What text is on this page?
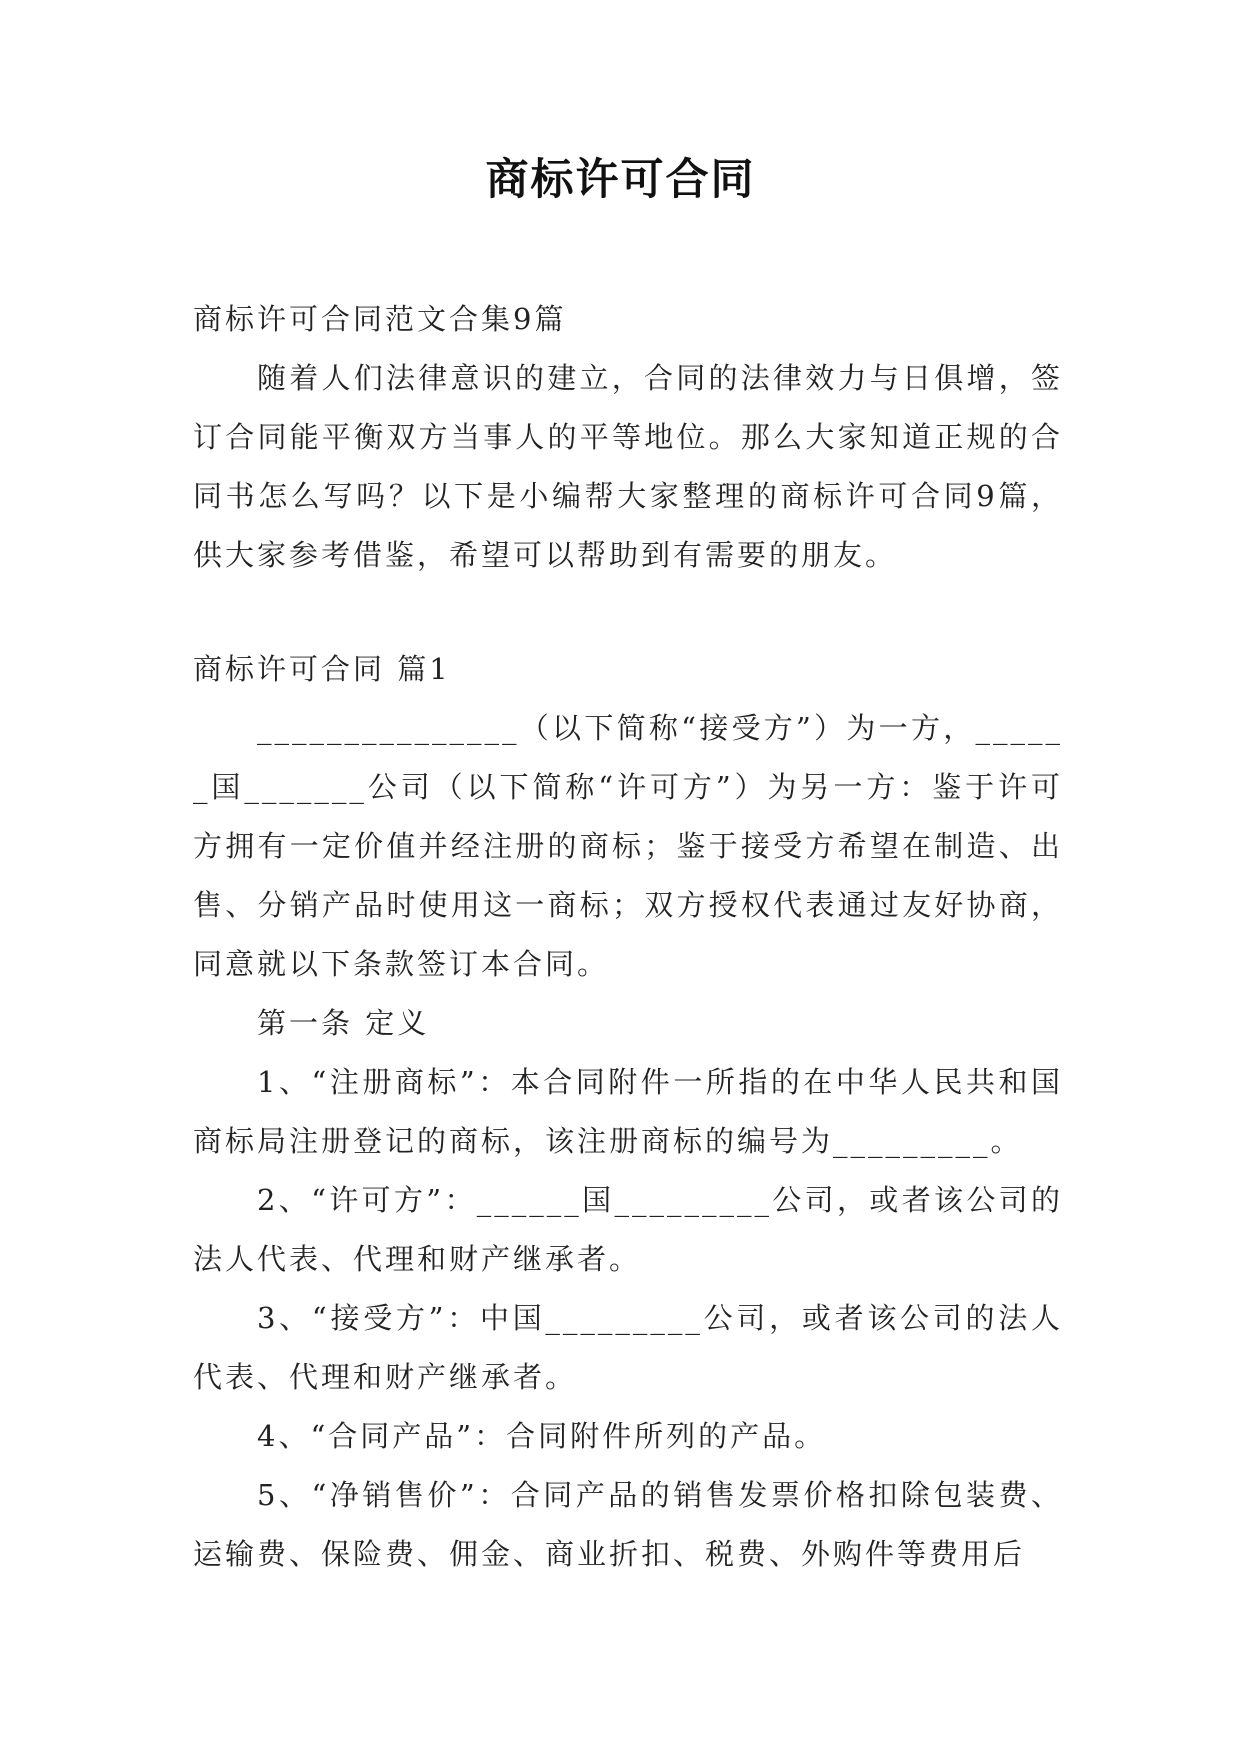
商标许可合同

商标许可合同范文合集9篇

随着人们法律意识的建立，合同的法律效力与日俱增，签订合同能平衡双方当事人的平等地位。那么大家知道正规的合同书怎么写吗？以下是小编帮大家整理的商标许可合同9篇，供大家参考借鉴，希望可以帮助到有需要的朋友。

商标许可合同 篇1

_______________（以下简称“接受方”）为一方，______国_______公司（以下简称“许可方”）为另一方：鉴于许可方拥有一定价值并经注册的商标；鉴于接受方希望在制造、出售、分销产品时使用这一商标；双方授权代表通过友好协商，同意就以下条款签订本合同。

第一条 定义

1、“注册商标”：本合同附件一所指的在中华人民共和国商标局注册登记的商标，该注册商标的编号为_________。

2、“许可方”：______国_________公司，或者该公司的法人代表、代理和财产继承者。

3、“接受方”：中国_________公司，或者该公司的法人代表、代理和财产继承者。

4、“合同产品”：合同附件所列的产品。

5、“净销售价”：合同产品的销售发票价格扣除包装费、运输费、保险费、佣金、商业折扣、税费、外购件等费用后
